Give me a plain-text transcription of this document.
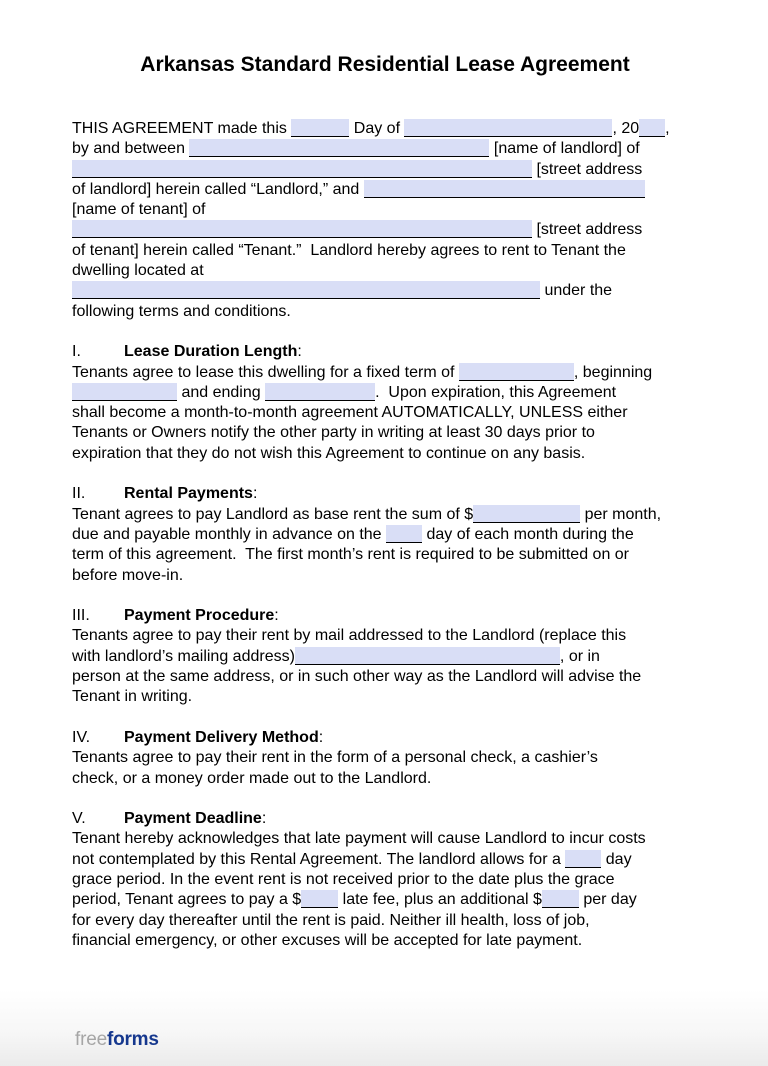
Arkansas Standard Residential Lease Agreement
THIS AGREEMENT made this	Day of	, 20 ,
by and between	[name of landlord] of
[street address
of landlord] herein called “Landlord,” and
[name of tenant] of
[street address
of tenant] herein called “Tenant.”  Landlord hereby agrees to rent to Tenant the
dwelling located at
under the
following terms and conditions.
I.	Lease Duration Length:
Tenants agree to lease this dwelling for a fixed term of	, beginning
and ending	.  Upon expiration, this Agreement
shall become a month-to-month agreement AUTOMATICALLY, UNLESS either
Tenants or Owners notify the other party in writing at least 30 days prior to
expiration that they do not wish this Agreement to continue on any basis.
II. Rental Payments:
Tenant agrees to pay Landlord as base rent the sum of $	per month,
due and payable monthly in advance on the  day of each month during the
term of this agreement.  The first month’s rent is required to be submitted on or
before move-in.
III. Payment Procedure:
Tenants agree to pay their rent by mail addressed to the Landlord (replace this
with landlord’s mailing address)	, or in
person at the same address, or in such other way as the Landlord will advise the
Tenant in writing.
IV. Payment Delivery Method:
Tenants agree to pay their rent in the form of a personal check, a cashier’s
check, or a money order made out to the Landlord.
V. Payment Deadline:
Tenant hereby acknowledges that late payment will cause Landlord to incur costs
not contemplated by this Rental Agreement. The landlord allows for a  day
grace period. In the event rent is not received prior to the date plus the grace
period, Tenant agrees to pay a $ late fee, plus an additional $ per day
for every day thereafter until the rent is paid. Neither ill health, loss of job,
financial emergency, or other excuses will be accepted for late payment.
freeforms
